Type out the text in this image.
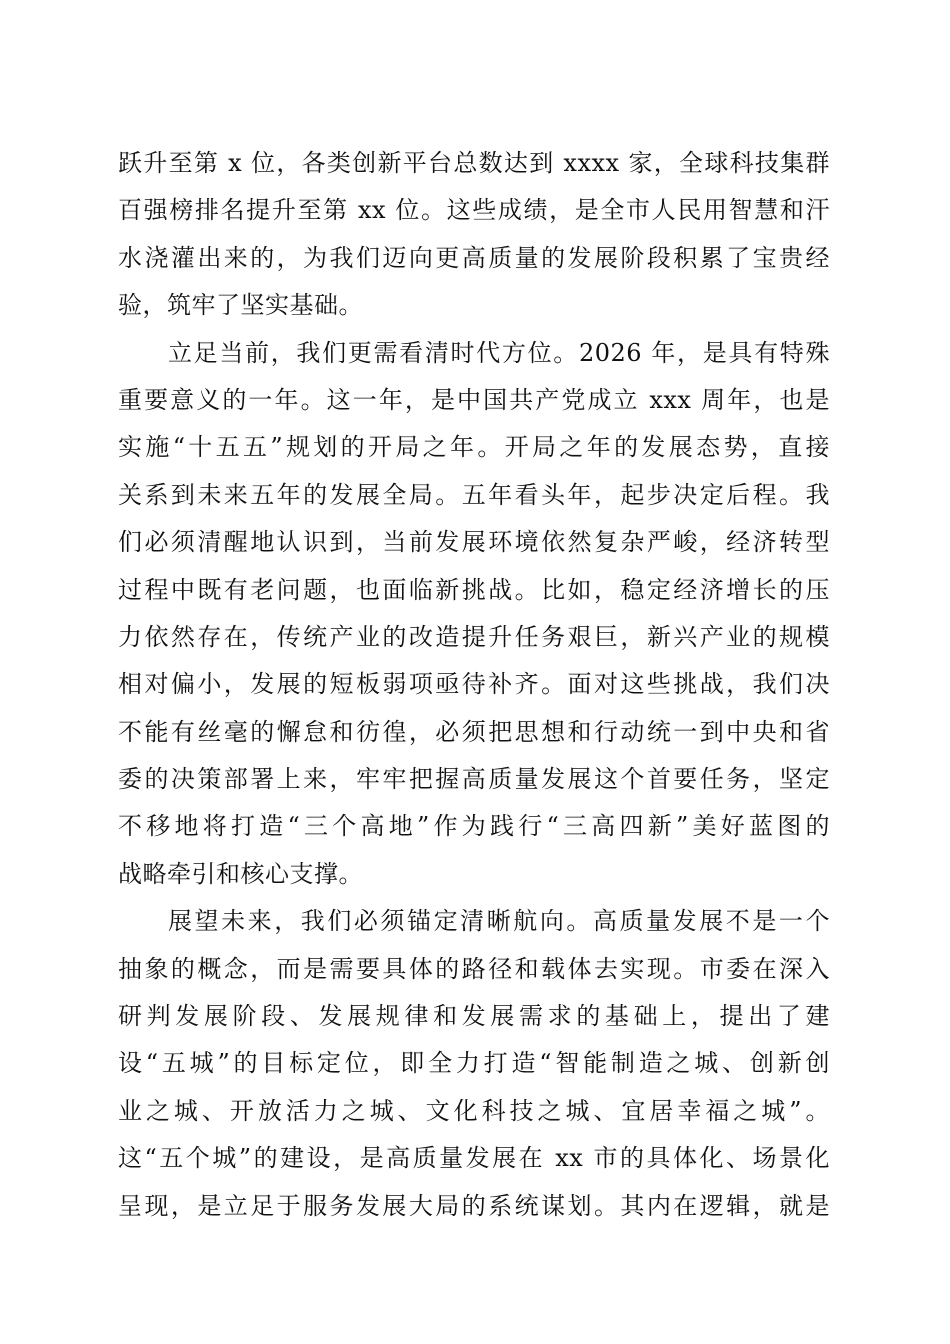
跃升至第 x 位，各类创新平台总数达到 xxxx 家，全球科技集群
百强榜排名提升至第 xx 位。这些成绩，是全市人民用智慧和汗
水浇灌出来的，为我们迈向更高质量的发展阶段积累了宝贵经
验，筑牢了坚实基础。
立足当前，我们更需看清时代方位。2026 年，是具有特殊
重要意义的一年。这一年，是中国共产党成立 xxx 周年，也是
实施“十五五”规划的开局之年。开局之年的发展态势，直接
关系到未来五年的发展全局。五年看头年，起步决定后程。我
们必须清醒地认识到，当前发展环境依然复杂严峻，经济转型
过程中既有老问题，也面临新挑战。比如，稳定经济增长的压
力依然存在，传统产业的改造提升任务艰巨，新兴产业的规模
相对偏小，发展的短板弱项亟待补齐。面对这些挑战，我们决
不能有丝毫的懈怠和彷徨，必须把思想和行动统一到中央和省
委的决策部署上来，牢牢把握高质量发展这个首要任务，坚定
不移地将打造“三个高地”作为践行“三高四新”美好蓝图的
战略牵引和核心支撑。
展望未来，我们必须锚定清晰航向。高质量发展不是一个
抽象的概念，而是需要具体的路径和载体去实现。市委在深入
研判发展阶段、发展规律和发展需求的基础上，提出了建
设“五城”的目标定位，即全力打造“智能制造之城、创新创
业之城、开放活力之城、文化科技之城、宜居幸福之城”。
这“五个城”的建设，是高质量发展在 xx 市的具体化、场景化
呈现，是立足于服务发展大局的系统谋划。其内在逻辑，就是
